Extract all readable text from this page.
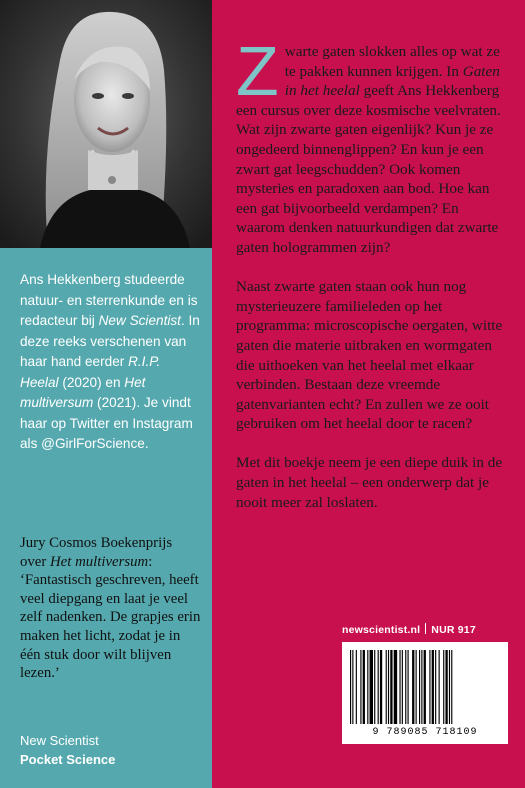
Ans Hekkenberg studeerde natuur- en sterrenkunde en is redacteur bij New Scientist. In deze reeks verschenen van haar hand eerder R.I.P. Heelal (2020) en Het multiversum (2021). Je vindt haar op Twitter en Instagram als @GirlForScience.
Jury Cosmos Boekenprijs over Het multiversum: ‘Fantastisch geschreven, heeft veel diepgang en laat je veel zelf nadenken. De grapjes erin maken het licht, zodat je in één stuk door wilt blijven lezen.’
New Scientist
Pocket Science

Zwarte gaten slokken alles op wat ze te pakken kunnen krijgen. In Gaten in het heelal geeft Ans Hekkenberg een cursus over deze kosmische veelvraten. Wat zijn zwarte gaten eigenlijk? Kun je ze ongedeerd binnenglippen? En kun je een zwart gat leegschudden? Ook komen mysteries en paradoxen aan bod. Hoe kan een gat bijvoorbeeld verdampen? En waarom denken natuurkundigen dat zwarte gaten hologrammen zijn?

Naast zwarte gaten staan ook hun nog mysterieuzere familieleden op het programma: microscopische oergaten, witte gaten die materie uitbraken en wormgaten die uithoeken van het heelal met elkaar verbinden. Bestaan deze vreemde gatenvarianten echt? En zullen we ze ooit gebruiken om het heelal door te racen?

Met dit boekje neem je een diepe duik in de gaten in het heelal – een onderwerp dat je nooit meer zal loslaten.

newscientist.nl NUR 917
9 789085 718109
